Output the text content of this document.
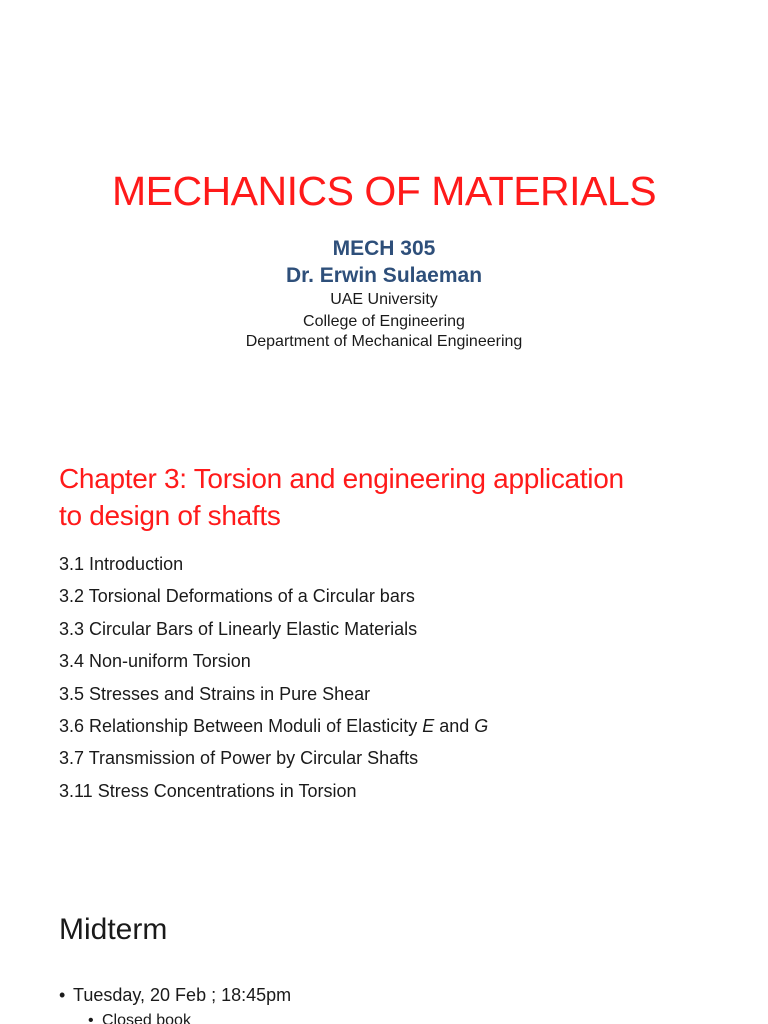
MECHANICS OF MATERIALS
MECH 305
Dr. Erwin Sulaeman
UAE University
College of Engineering
Department of Mechanical Engineering
Chapter 3: Torsion and engineering application
to design of shafts
3.1 Introduction
3.2 Torsional Deformations of a Circular bars
3.3 Circular Bars of Linearly Elastic Materials
3.4 Non-uniform Torsion
3.5 Stresses and Strains in Pure Shear
3.6 Relationship Between Moduli of Elasticity E and G
3.7 Transmission of Power by Circular Shafts
3.11 Stress Concentrations in Torsion
Midterm
• Tuesday, 20 Feb ; 18:45pm
• Closed book
